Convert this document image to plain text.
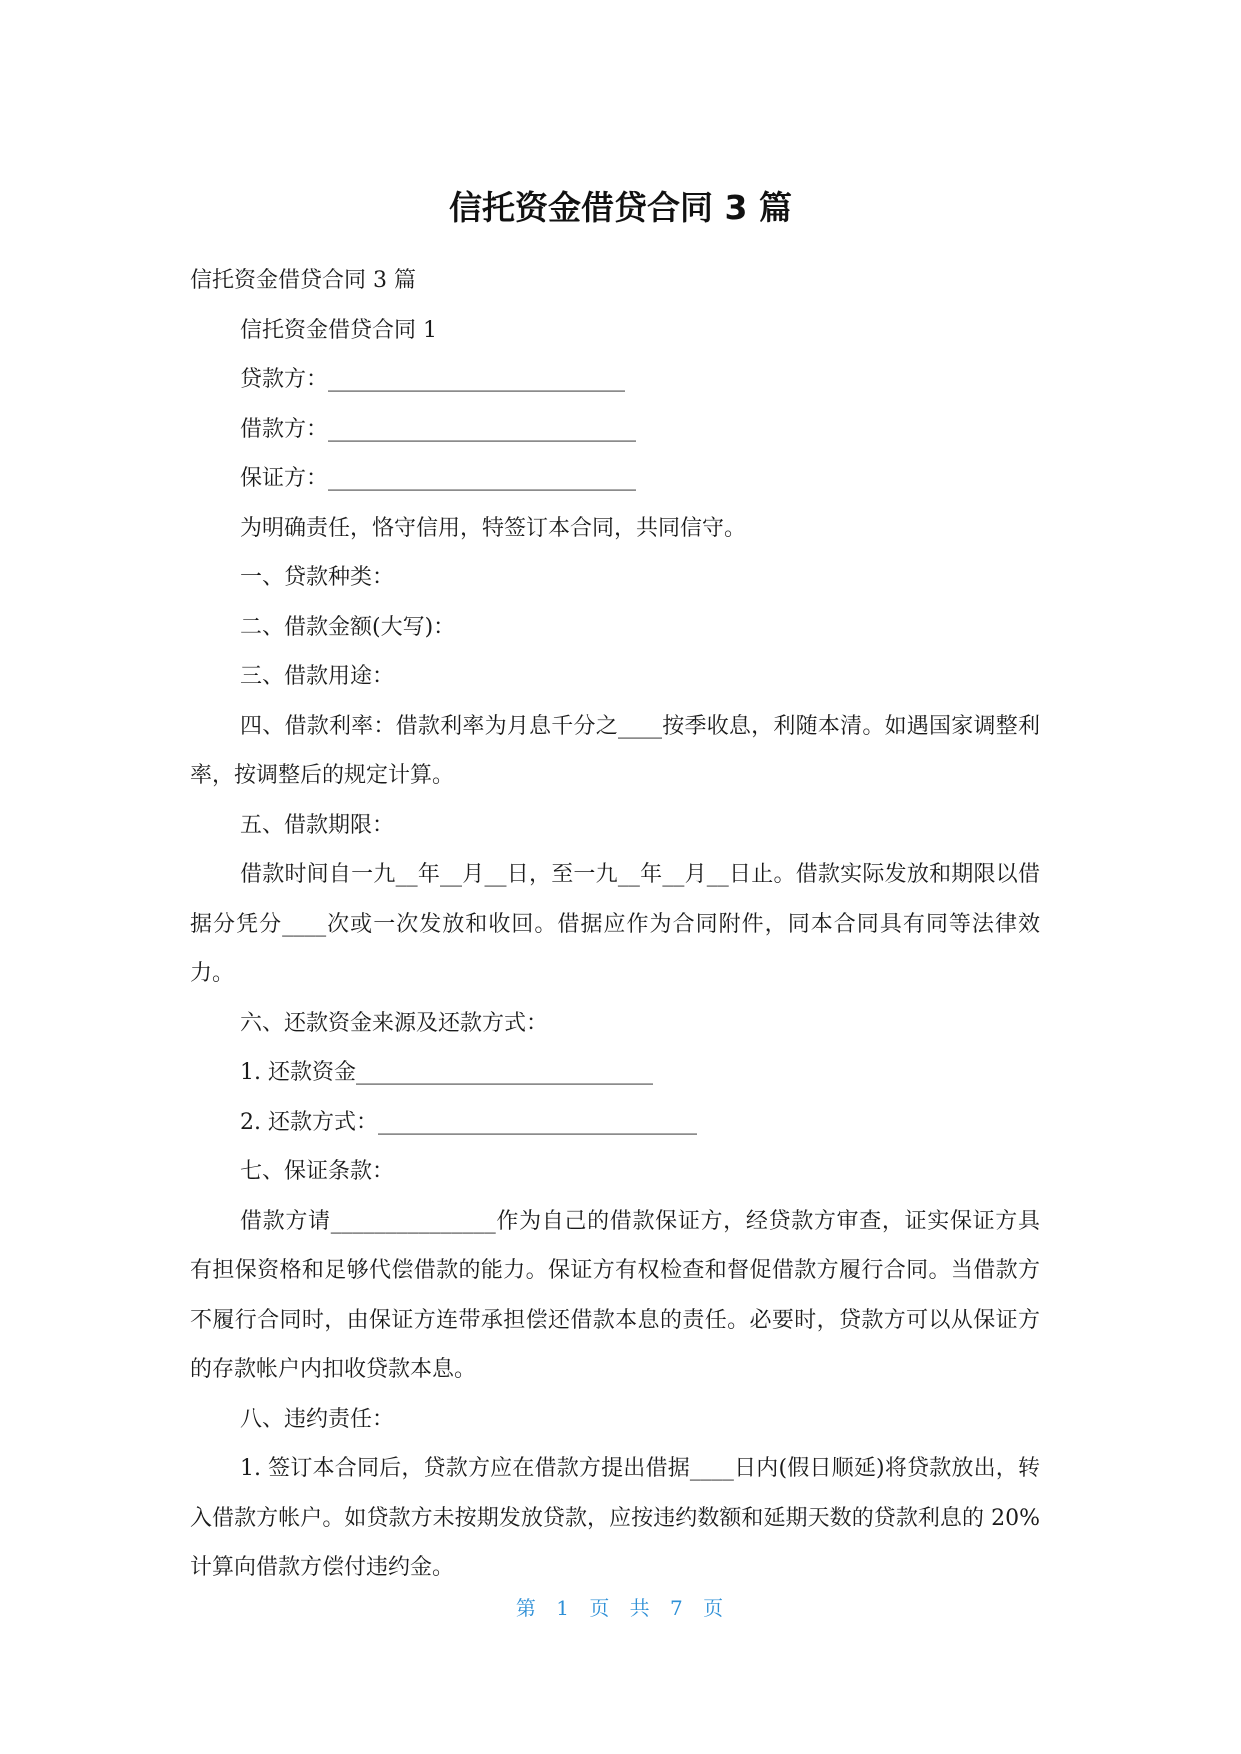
信托资金借贷合同 3 篇

信托资金借贷合同 3 篇

信托资金借贷合同 1

贷款方：___________________________

借款方：____________________________

保证方：____________________________

为明确责任，恪守信用，特签订本合同，共同信守。

一、贷款种类：

二、借款金额(大写)：

三、借款用途：

四、借款利率：借款利率为月息千分之____按季收息，利随本清。如遇国家调整利率，按调整后的规定计算。

五、借款期限：

借款时间自一九__年__月__日，至一九__年__月__日止。借款实际发放和期限以借据分凭分____次或一次发放和收回。借据应作为合同附件，同本合同具有同等法律效力。

六、还款资金来源及还款方式：

1. 还款资金___________________________

2. 还款方式：_____________________________

七、保证条款：

借款方请_______________作为自己的借款保证方，经贷款方审查，证实保证方具有担保资格和足够代偿借款的能力。保证方有权检查和督促借款方履行合同。当借款方不履行合同时，由保证方连带承担偿还借款本息的责任。必要时，贷款方可以从保证方的存款帐户内扣收贷款本息。

八、违约责任：

1. 签订本合同后，贷款方应在借款方提出借据____日内(假日顺延)将贷款放出，转入借款方帐户。如贷款方未按期发放贷款，应按违约数额和延期天数的贷款利息的 20%计算向借款方偿付违约金。

第 1 页 共 7 页
